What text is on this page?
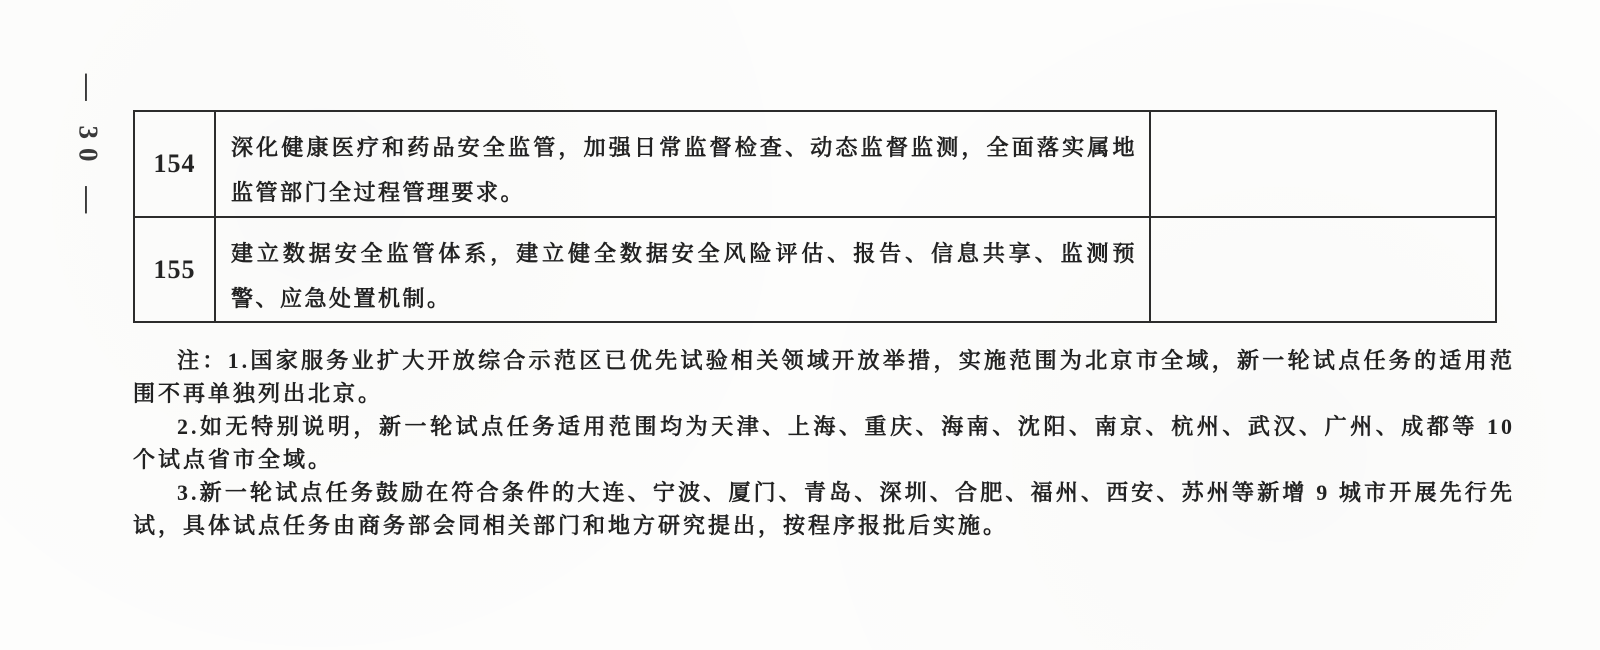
— 30 —	154
深化健康医疗和药品安全监管，加强日常监督检查、动态监督监测，全面落实属地监管部门全过程管理要求。
155
建立数据安全监管体系，建立健全数据安全风险评估、报告、信息共享、监测预警、应急处置机制。

注：1.国家服务业扩大开放综合示范区已优先试验相关领域开放举措，实施范围为北京市全域，新一轮试点任务的适用范围不再单独列出北京。

2.如无特别说明，新一轮试点任务适用范围均为天津、上海、重庆、海南、沈阳、南京、杭州、武汉、广州、成都等 10 个试点省市全域。

3.新一轮试点任务鼓励在符合条件的大连、宁波、厦门、青岛、深圳、合肥、福州、西安、苏州等新增 9 城市开展先行先试，具体试点任务由商务部会同相关部门和地方研究提出，按程序报批后实施。
